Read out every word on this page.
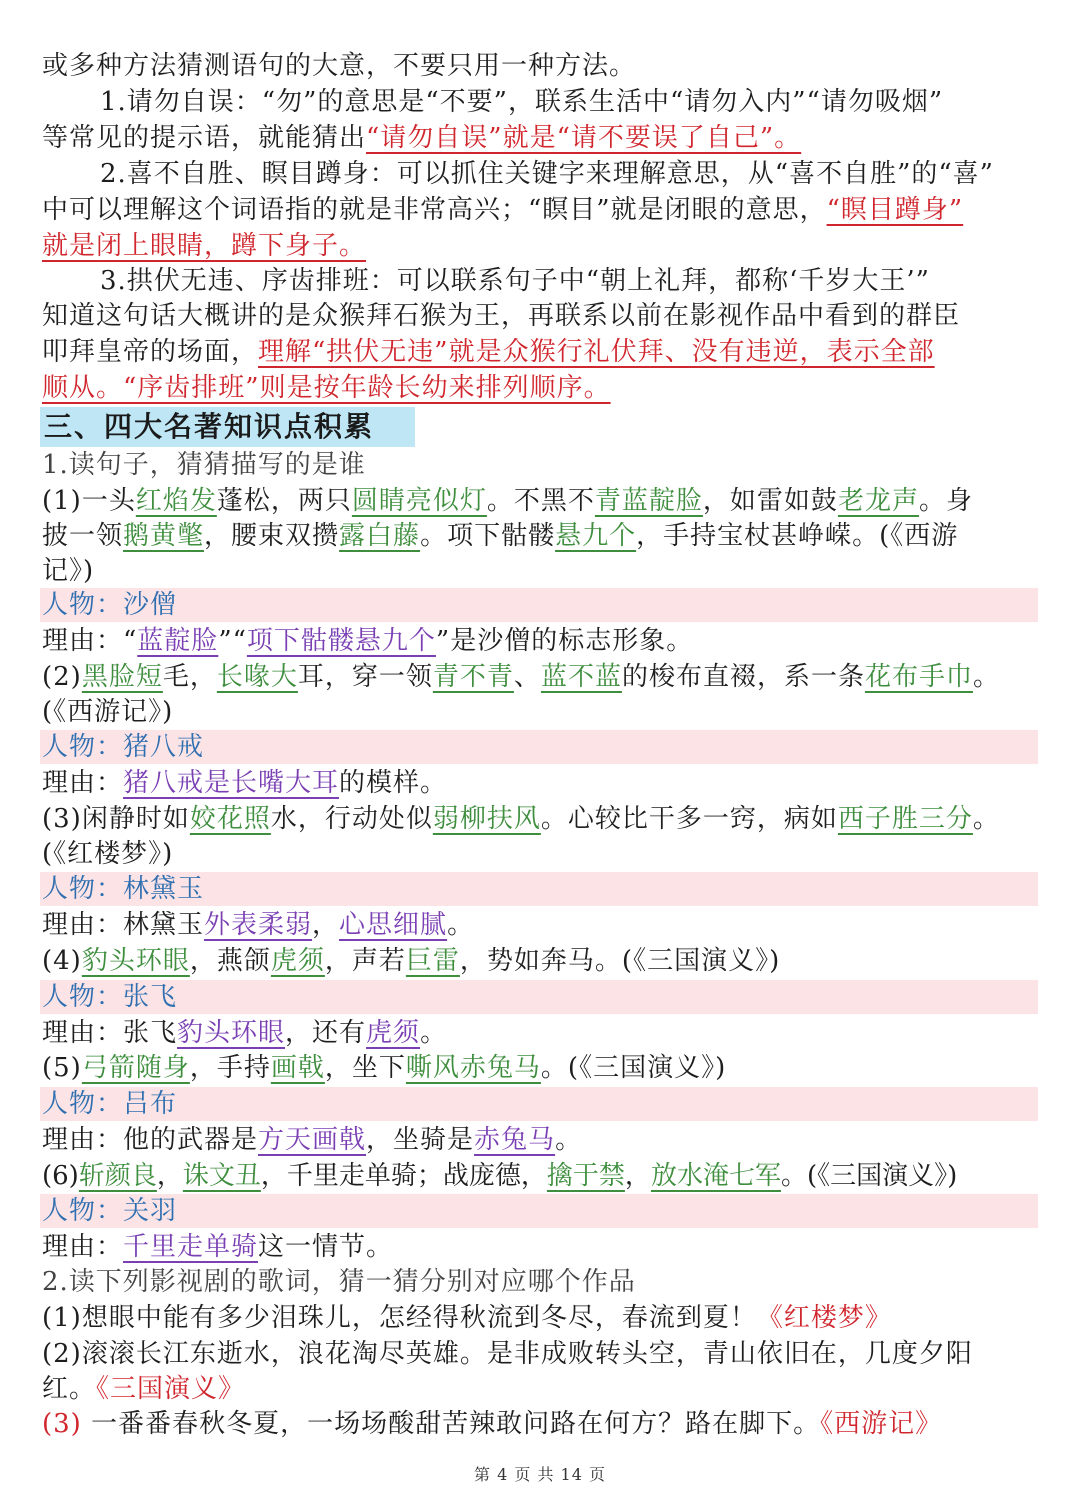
或多种方法猜测语句的大意，不要只用一种方法。
1.请勿自误：“勿”的意思是“不要”，联系生活中“请勿入内”“请勿吸烟”
等常见的提示语，就能猜出“请勿自误”就是“请不要误了自己”。
2.喜不自胜、瞑目蹲身：可以抓住关键字来理解意思，从“喜不自胜”的“喜”
中可以理解这个词语指的就是非常高兴；“瞑目”就是闭眼的意思，“瞑目蹲身”
就是闭上眼睛，蹲下身子。
3.拱伏无违、序齿排班：可以联系句子中“朝上礼拜，都称‘千岁大王’”
知道这句话大概讲的是众猴拜石猴为王，再联系以前在影视作品中看到的群臣
叩拜皇帝的场面，理解“拱伏无违”就是众猴行礼伏拜、没有违逆，表示全部
顺从。“序齿排班”则是按年龄长幼来排列顺序。
三、四大名著知识点积累
1.读句子，猜猜描写的是谁
(1)一头红焰发蓬松，两只圆睛亮似灯。不黑不青蓝靛脸，如雷如鼓老龙声。身
披一领鹅黄氅，腰束双攒露白藤。项下骷髅悬九个，手持宝杖甚峥嵘。(《西游
记》)
人物：沙僧
理由：“蓝靛脸”“项下骷髅悬九个”是沙僧的标志形象。
(2)黑脸短毛，长喙大耳，穿一领青不青、蓝不蓝的梭布直裰，系一条花布手巾。
(《西游记》)
人物：猪八戒
理由：猪八戒是长嘴大耳的模样。
(3)闲静时如姣花照水，行动处似弱柳扶风。心较比干多一窍，病如西子胜三分。
(《红楼梦》)
人物：林黛玉
理由：林黛玉外表柔弱，心思细腻。
(4)豹头环眼，燕颌虎须，声若巨雷，势如奔马。(《三国演义》)
人物：张飞
理由：张飞豹头环眼，还有虎须。
(5)弓箭随身，手持画戟，坐下嘶风赤兔马。(《三国演义》)
人物：吕布
理由：他的武器是方天画戟，坐骑是赤兔马。
(6)斩颜良，诛文丑，千里走单骑；战庞德，擒于禁，放水淹七军。(《三国演义》)
人物：关羽
理由：千里走单骑这一情节。
2.读下列影视剧的歌词，猜一猜分别对应哪个作品
(1)想眼中能有多少泪珠儿，怎经得秋流到冬尽，春流到夏！《红楼梦》
(2)滚滚长江东逝水，浪花淘尽英雄。是非成败转头空，青山依旧在，几度夕阳
红。《三国演义》
(3) 一番番春秋冬夏，一场场酸甜苦辣敢问路在何方？路在脚下。《西游记》
第 4 页 共 14 页
